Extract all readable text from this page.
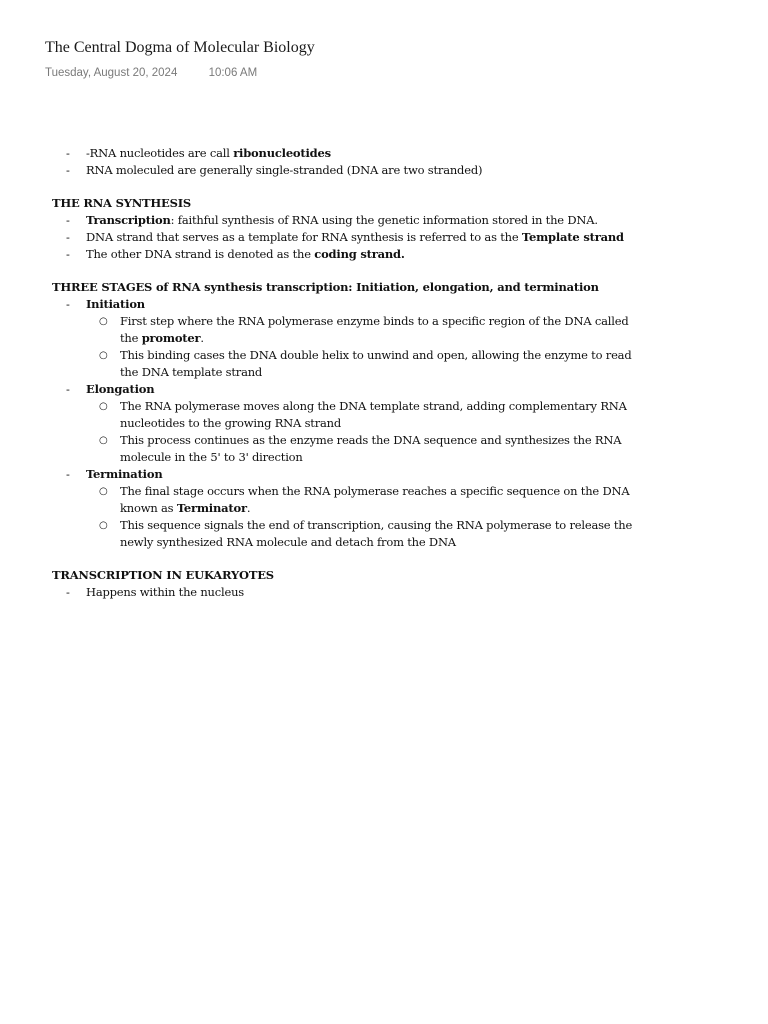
The Central Dogma of Molecular Biology
Tuesday, August 20, 2024	10:06 AM
- -RNA nucleotides are call ribonucleotides
- RNA moleculed are generally single-stranded (DNA are two stranded)
THE RNA SYNTHESIS
- Transcription: faithful synthesis of RNA using the genetic information stored in the DNA.
- DNA strand that serves as a template for RNA synthesis is referred to as the Template strand
- The other DNA strand is denoted as the coding strand.
THREE STAGES of RNA synthesis transcription: Initiation, elongation, and termination
- Initiation
○ First step where the RNA polymerase enzyme binds to a specific region of the DNA called
the promoter.
○ This binding cases the DNA double helix to unwind and open, allowing the enzyme to read
the DNA template strand
- Elongation
○ The RNA polymerase moves along the DNA template strand, adding complementary RNA
nucleotides to the growing RNA strand
○ This process continues as the enzyme reads the DNA sequence and synthesizes the RNA
molecule in the 5' to 3' direction
- Termination
○ The final stage occurs when the RNA polymerase reaches a specific sequence on the DNA
known as Terminator.
○ This sequence signals the end of transcription, causing the RNA polymerase to release the
newly synthesized RNA molecule and detach from the DNA
TRANSCRIPTION IN EUKARYOTES
- Happens within the nucleus
